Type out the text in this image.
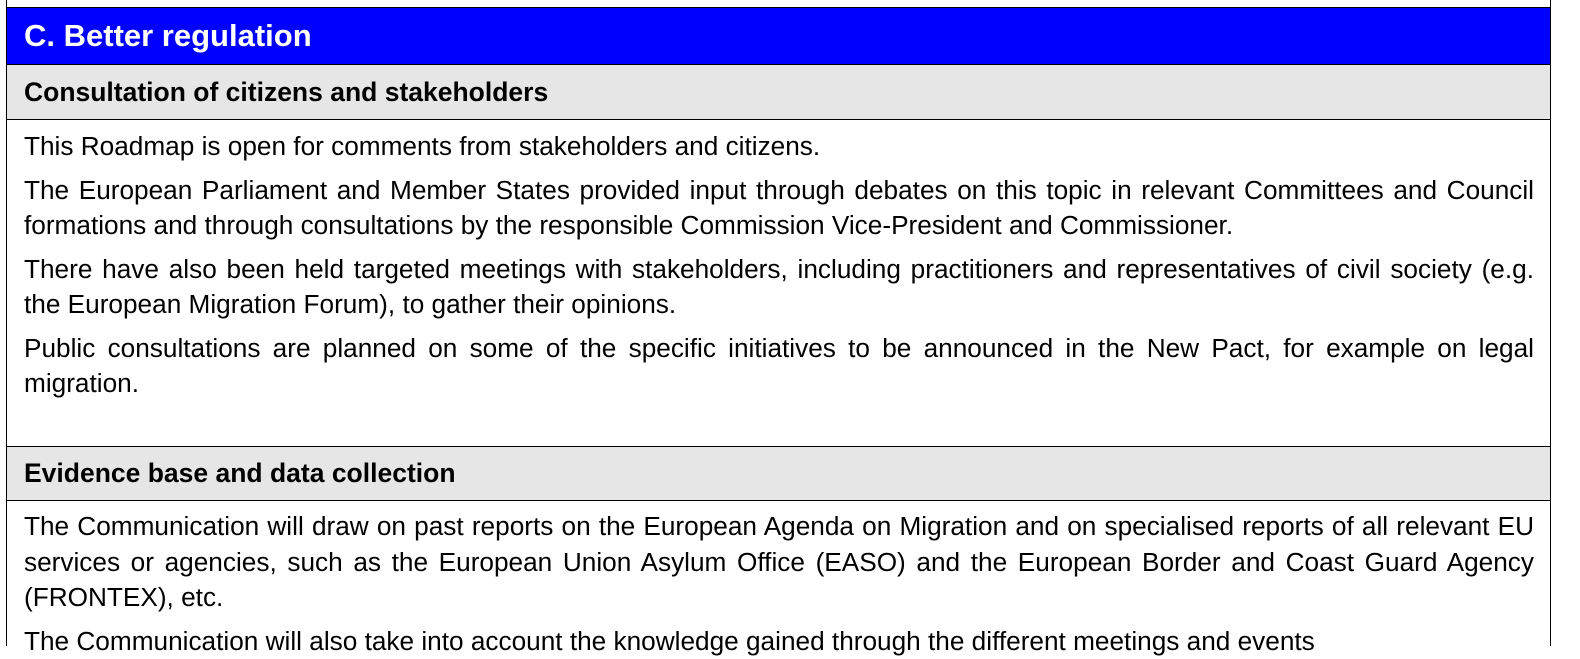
C. Better regulation
Consultation of citizens and stakeholders

This Roadmap is open for comments from stakeholders and citizens.

The European Parliament and Member States provided input through debates on this topic in relevant Committees and Council formations and through consultations by the responsible Commission Vice-President and Commissioner.

There have also been held targeted meetings with stakeholders, including practitioners and representatives of civil society (e.g. the European Migration Forum), to gather their opinions.

Public consultations are planned on some of the specific initiatives to be announced in the New Pact, for example on legal migration.

Evidence base and data collection

The Communication will draw on past reports on the European Agenda on Migration and on specialised reports of all relevant EU services or agencies, such as the European Union Asylum Office (EASO) and the European Border and Coast Guard Agency (FRONTEX), etc.

The Communication will also take into account the knowledge gained through the different meetings and events
